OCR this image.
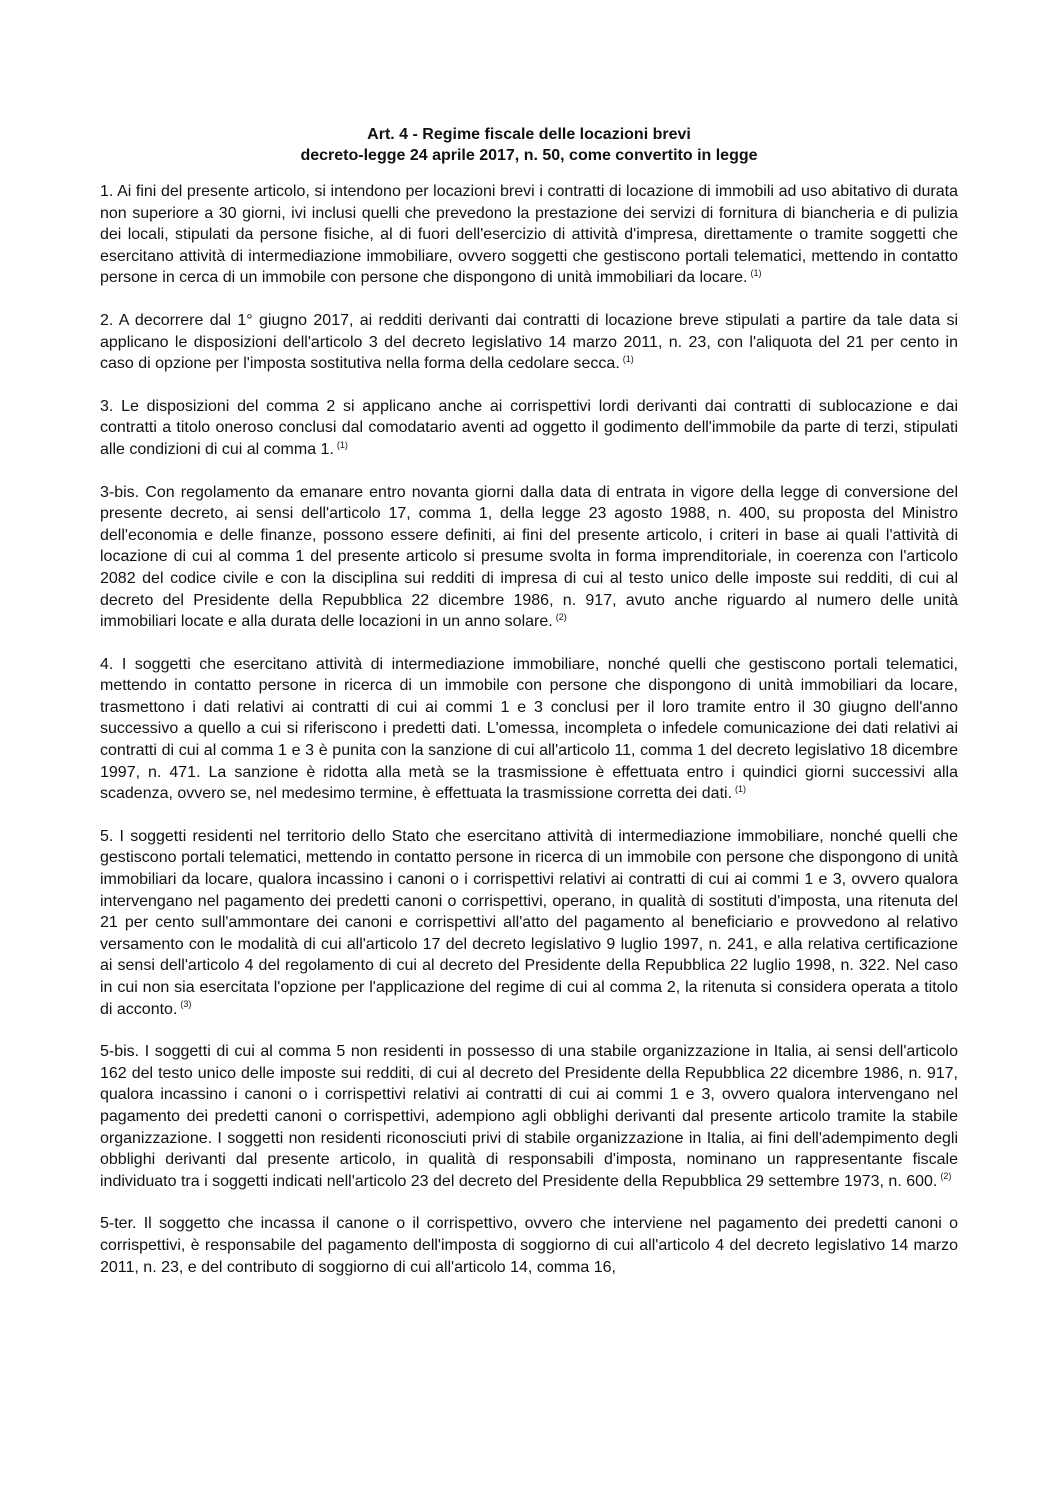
Art. 4 - Regime fiscale delle locazioni brevi
decreto-legge 24 aprile 2017, n. 50, come convertito in legge

1. Ai fini del presente articolo, si intendono per locazioni brevi i contratti di locazione di immobili ad uso abitativo di durata non superiore a 30 giorni, ivi inclusi quelli che prevedono la prestazione dei servizi di fornitura di biancheria e di pulizia dei locali, stipulati da persone fisiche, al di fuori dell'esercizio di attività d'impresa, direttamente o tramite soggetti che esercitano attività di intermediazione immobiliare, ovvero soggetti che gestiscono portali telematici, mettendo in contatto persone in cerca di un immobile con persone che dispongono di unità immobiliari da locare. $^{(1)}$

2. A decorrere dal 1° giugno 2017, ai redditi derivanti dai contratti di locazione breve stipulati a partire da tale data si applicano le disposizioni dell'articolo 3 del decreto legislativo 14 marzo 2011, n. 23, con l'aliquota del 21 per cento in caso di opzione per l'imposta sostitutiva nella forma della cedolare secca. $^{(1)}$

3. Le disposizioni del comma 2 si applicano anche ai corrispettivi lordi derivanti dai contratti di sublocazione e dai contratti a titolo oneroso conclusi dal comodatario aventi ad oggetto il godimento dell'immobile da parte di terzi, stipulati alle condizioni di cui al comma 1. $^{(1)}$

3-bis. Con regolamento da emanare entro novanta giorni dalla data di entrata in vigore della legge di conversione del presente decreto, ai sensi dell'articolo 17, comma 1, della legge 23 agosto 1988, n. 400, su proposta del Ministro dell'economia e delle finanze, possono essere definiti, ai fini del presente articolo, i criteri in base ai quali l'attività di locazione di cui al comma 1 del presente articolo si presume svolta in forma imprenditoriale, in coerenza con l'articolo 2082 del codice civile e con la disciplina sui redditi di impresa di cui al testo unico delle imposte sui redditi, di cui al decreto del Presidente della Repubblica 22 dicembre 1986, n. 917, avuto anche riguardo al numero delle unità immobiliari locate e alla durata delle locazioni in un anno solare. $^{(2)}$

4. I soggetti che esercitano attività di intermediazione immobiliare, nonché quelli che gestiscono portali telematici, mettendo in contatto persone in ricerca di un immobile con persone che dispongono di unità immobiliari da locare, trasmettono i dati relativi ai contratti di cui ai commi 1 e 3 conclusi per il loro tramite entro il 30 giugno dell'anno successivo a quello a cui si riferiscono i predetti dati. L'omessa, incompleta o infedele comunicazione dei dati relativi ai contratti di cui al comma 1 e 3 è punita con la sanzione di cui all'articolo 11, comma 1 del decreto legislativo 18 dicembre 1997, n. 471. La sanzione è ridotta alla metà se la trasmissione è effettuata entro i quindici giorni successivi alla scadenza, ovvero se, nel medesimo termine, è effettuata la trasmissione corretta dei dati. $^{(1)}$

5. I soggetti residenti nel territorio dello Stato che esercitano attività di intermediazione immobiliare, nonché quelli che gestiscono portali telematici, mettendo in contatto persone in ricerca di un immobile con persone che dispongono di unità immobiliari da locare, qualora incassino i canoni o i corrispettivi relativi ai contratti di cui ai commi 1 e 3, ovvero qualora intervengano nel pagamento dei predetti canoni o corrispettivi, operano, in qualità di sostituti d'imposta, una ritenuta del 21 per cento sull'ammontare dei canoni e corrispettivi all'atto del pagamento al beneficiario e provvedono al relativo versamento con le modalità di cui all'articolo 17 del decreto legislativo 9 luglio 1997, n. 241, e alla relativa certificazione ai sensi dell'articolo 4 del regolamento di cui al decreto del Presidente della Repubblica 22 luglio 1998, n. 322. Nel caso in cui non sia esercitata l'opzione per l'applicazione del regime di cui al comma 2, la ritenuta si considera operata a titolo di acconto. $^{(3)}$

5-bis. I soggetti di cui al comma 5 non residenti in possesso di una stabile organizzazione in Italia, ai sensi dell'articolo 162 del testo unico delle imposte sui redditi, di cui al decreto del Presidente della Repubblica 22 dicembre 1986, n. 917, qualora incassino i canoni o i corrispettivi relativi ai contratti di cui ai commi 1 e 3, ovvero qualora intervengano nel pagamento dei predetti canoni o corrispettivi, adempiono agli obblighi derivanti dal presente articolo tramite la stabile organizzazione. I soggetti non residenti riconosciuti privi di stabile organizzazione in Italia, ai fini dell'adempimento degli obblighi derivanti dal presente articolo, in qualità di responsabili d'imposta, nominano un rappresentante fiscale individuato tra i soggetti indicati nell'articolo 23 del decreto del Presidente della Repubblica 29 settembre 1973, n. 600. $^{(2)}$

5-ter. Il soggetto che incassa il canone o il corrispettivo, ovvero che interviene nel pagamento dei predetti canoni o corrispettivi, è responsabile del pagamento dell'imposta di soggiorno di cui all'articolo 4 del decreto legislativo 14 marzo 2011, n. 23, e del contributo di soggiorno di cui all'articolo 14, comma 16,
